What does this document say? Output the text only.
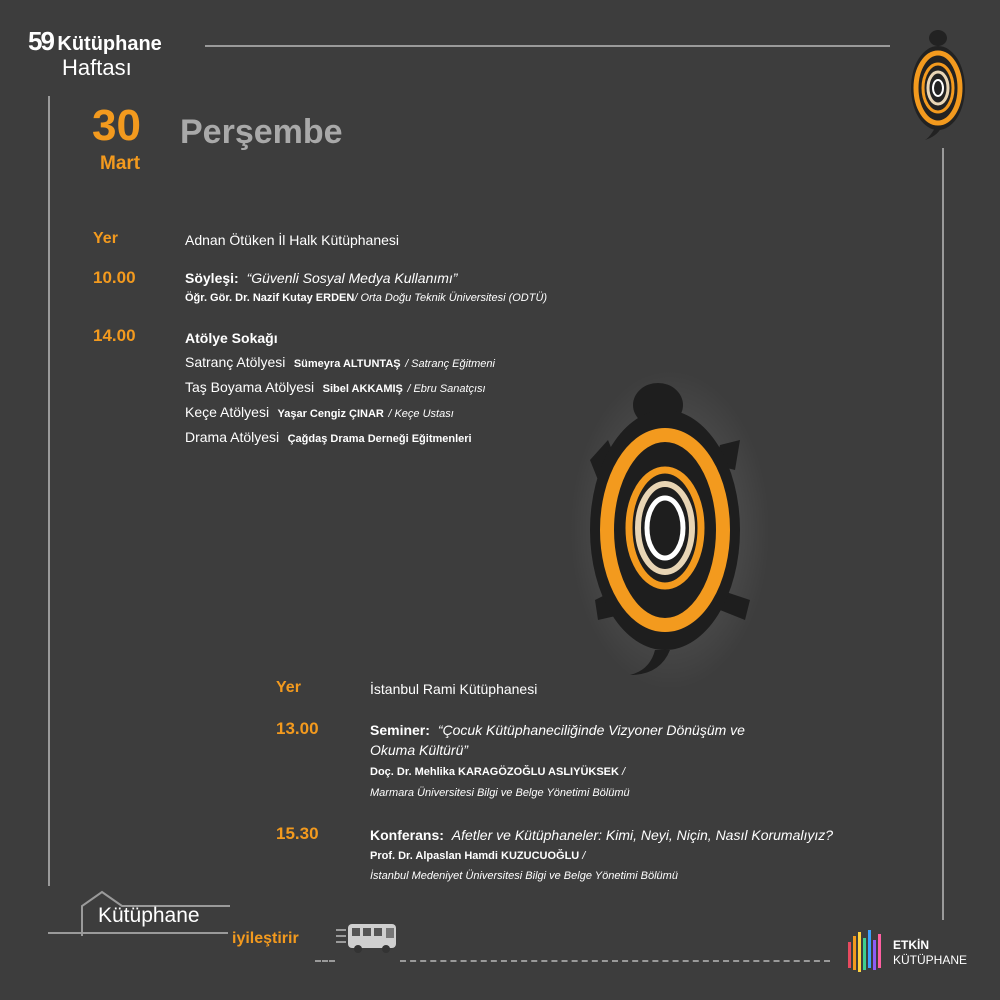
59 Kütüphane
Haftası
30
Mart
Perşembe
Yer	Adnan Ötüken İl Halk Kütüphanesi
10.00	Söyleşi: “Güvenli Sosyal Medya Kullanımı”
Öğr. Gör. Dr. Nazif Kutay ERDEN/ Orta Doğu Teknik Üniversitesi (ODTÜ)
14.00	Atölye Sokağı
Satranç Atölyesi Sümeyra ALTUNTAŞ / Satranç Eğitmeni
Taş Boyama Atölyesi Sibel AKKAMIŞ / Ebru Sanatçısı
Keçe Atölyesi Yaşar Cengiz ÇINAR / Keçe Ustası
Drama Atölyesi Çağdaş Drama Derneği Eğitmenleri
Yer	İstanbul Rami Kütüphanesi
13.00	Seminer: “Çocuk Kütüphaneciliğinde Vizyoner Dönüşüm ve
Okuma Kültürü”
Doç. Dr. Mehlika KARAGÖZOĞLU ASLIYÜKSEK /
Marmara Üniversitesi Bilgi ve Belge Yönetimi Bölümü
15.30	Konferans: Afetler ve Kütüphaneler: Kimi, Neyi, Niçin, Nasıl Korumalıyız?
Prof. Dr. Alpaslan Hamdi KUZUCUOĞLU /
İstanbul Medeniyet Üniversitesi Bilgi ve Belge Yönetimi Bölümü
Kütüphane
iyileştirir	ETKİN
KÜTÜPHANE
